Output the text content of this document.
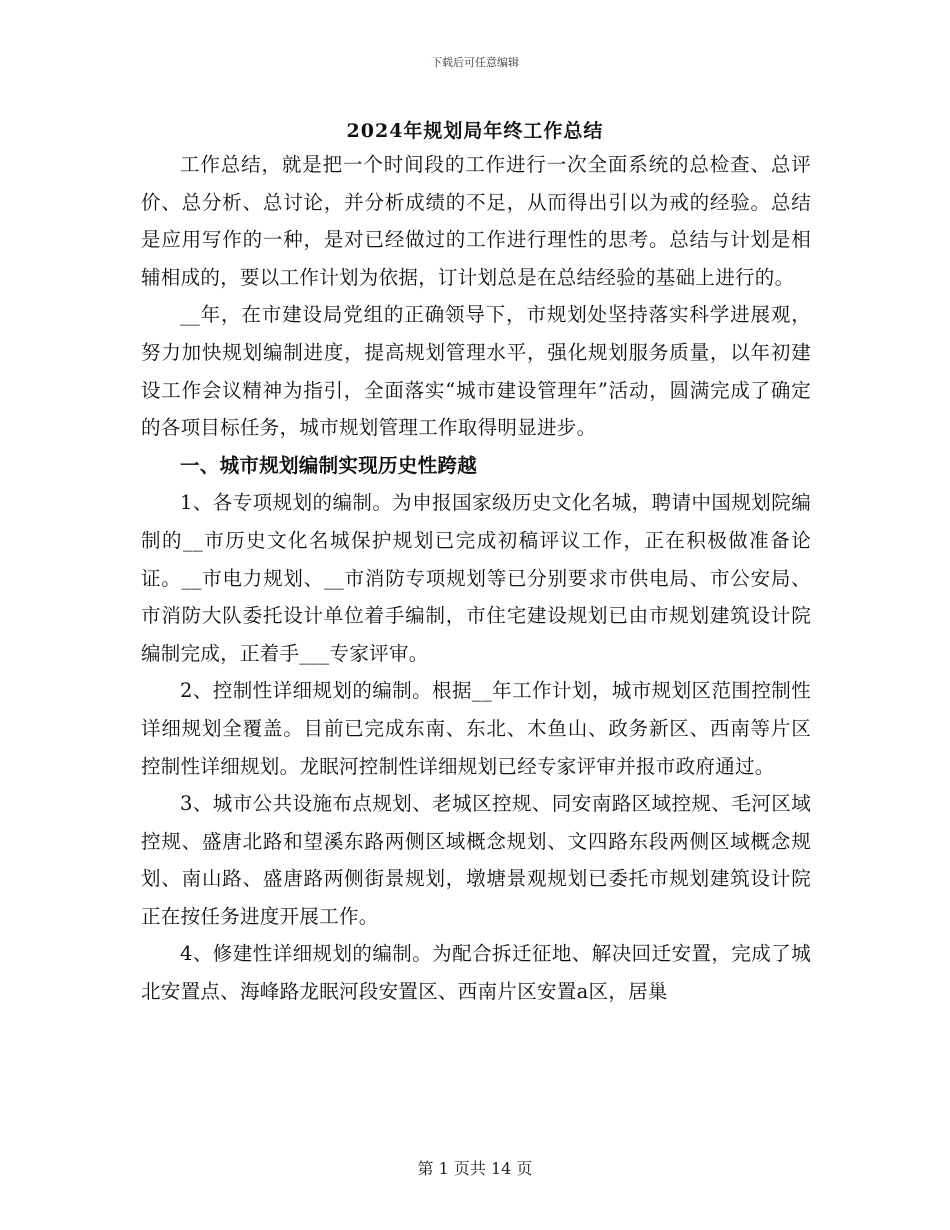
下载后可任意编辑
2024年规划局年终工作总结

工作总结，就是把一个时间段的工作进行一次全面系统的总检查、总评价、总分析、总讨论，并分析成绩的不足，从而得出引以为戒的经验。总结是应用写作的一种，是对已经做过的工作进行理性的思考。总结与计划是相辅相成的，要以工作计划为依据，订计划总是在总结经验的基础上进行的。

__年，在市建设局党组的正确领导下，市规划处坚持落实科学进展观，努力加快规划编制进度，提高规划管理水平，强化规划服务质量，以年初建设工作会议精神为指引，全面落实“城市建设管理年”活动，圆满完成了确定的各项目标任务，城市规划管理工作取得明显进步。

一、城市规划编制实现历史性跨越

1、各专项规划的编制。为申报国家级历史文化名城，聘请中国规划院编制的__市历史文化名城保护规划已完成初稿评议工作，正在积极做准备论证。__市电力规划、__市消防专项规划等已分别要求市供电局、市公安局、市消防大队委托设计单位着手编制，市住宅建设规划已由市规划建筑设计院编制完成，正着手___专家评审。

2、控制性详细规划的编制。根据__年工作计划，城市规划区范围控制性详细规划全覆盖。目前已完成东南、东北、木鱼山、政务新区、西南等片区控制性详细规划。龙眠河控制性详细规划已经专家评审并报市政府通过。

3、城市公共设施布点规划、老城区控规、同安南路区域控规、毛河区域控规、盛唐北路和望溪东路两侧区域概念规划、文四路东段两侧区域概念规划、南山路、盛唐路两侧街景规划，墩塘景观规划已委托市规划建筑设计院正在按任务进度开展工作。

4、修建性详细规划的编制。为配合拆迁征地、解决回迁安置，完成了城北安置点、海峰路龙眠河段安置区、西南片区安置a区，居巢

第 1 页共 14 页
